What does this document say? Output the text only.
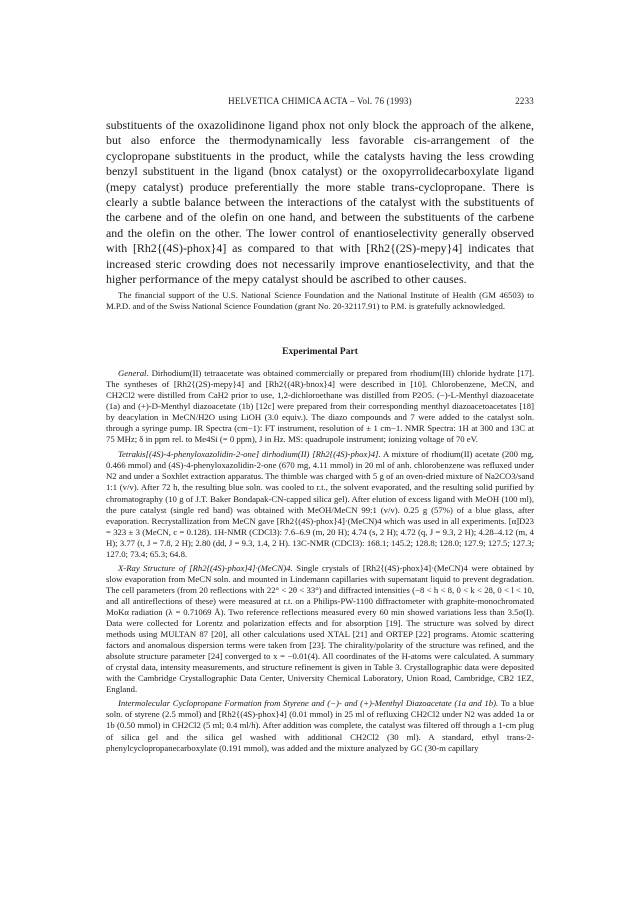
HELVETICA CHIMICA ACTA – Vol. 76 (1993)	2233

substituents of the oxazolidinone ligand phox not only block the approach of the alkene, but also enforce the thermodynamically less favorable cis-arrangement of the cyclopropane substituents in the product, while the catalysts having the less crowding benzyl substituent in the ligand (bnox catalyst) or the oxopyrrolidecarboxylate ligand (mepy catalyst) produce preferentially the more stable trans-cyclopropane. There is clearly a subtle balance between the interactions of the catalyst with the substituents of the carbene and of the olefin on one hand, and between the substituents of the carbene and the olefin on the other. The lower control of enantioselectivity generally observed with [Rh2{(4S)-phox}4] as compared to that with [Rh2{(2S)-mepy}4] indicates that increased steric crowding does not necessarily improve enantioselectivity, and that the higher performance of the mepy catalyst should be ascribed to other causes.

The financial support of the U.S. National Science Foundation and the National Institute of Health (GM 46503) to M.P.D. and of the Swiss National Science Foundation (grant No. 20-32117.91) to P.M. is gratefully acknowledged.

Experimental Part

General. Dirhodium(II) tetraacetate was obtained commercially or prepared from rhodium(III) chloride hydrate [17]. The syntheses of [Rh2{(2S)-mepy}4] and [Rh2{(4R)-bnox}4] were described in [10]. Chlorobenzene, MeCN, and CH2Cl2 were distilled from CaH2 prior to use, 1,2-dichloroethane was distilled from P2O5. (−)-L-Menthyl diazoacetate (1a) and (+)-D-Menthyl diazoacetate (1b) [12c] were prepared from their corresponding menthyl diazoacetoacetates [18] by deacylation in MeCN/H2O using LiOH (3.0 equiv.). The diazo compounds and 7 were added to the catalyst soln. through a syringe pump. IR Spectra (cm−1): FT instrument, resolution of ± 1 cm−1. NMR Spectra: 1H at 300 and 13C at 75 MHz; δ in ppm rel. to Me4Si (= 0 ppm), J in Hz. MS: quadrupole instrument; ionizing voltage of 70 eV.

Tetrakis[(4S)-4-phenyloxazolidin-2-one] dirhodium(II) [Rh2{(4S)-phox}4]. A mixture of rhodium(II) acetate (200 mg, 0.466 mmol) and (4S)-4-phenyloxazolidin-2-one (670 mg, 4.11 mmol) in 20 ml of anh. chlorobenzene was refluxed under N2 and under a Soxhlet extraction apparatus. The thimble was charged with 5 g of an oven-dried mixture of Na2CO3/sand 1:1 (v/v). After 72 h, the resulting blue soln. was cooled to r.t., the solvent evaporated, and the resulting solid purified by chromatography (10 g of J.T. Baker Bondapak-CN-capped silica gel). After elution of excess ligand with MeOH (100 ml), the pure catalyst (single red band) was obtained with MeOH/MeCN 99:1 (v/v). 0.25 g (57%) of a blue glass, after evaporation. Recrystallization from MeCN gave [Rh2{(4S)-phox}4]·(MeCN)4 which was used in all experiments. [α]D23 = 323 ± 3 (MeCN, c = 0.128). 1H-NMR (CDCl3): 7.6–6.9 (m, 20 H); 4.74 (s, 2 H); 4.72 (q, J = 9.3, 2 H); 4.28–4.12 (m, 4 H); 3.77 (t, J = 7.8, 2 H); 2.80 (dd, J = 9.3, 1.4, 2 H). 13C-NMR (CDCl3): 168.1; 145.2; 128.8; 128.0; 127.9; 127.5; 127.3; 127.0; 73.4; 65.3; 64.8.

X-Ray Structure of [Rh2{(4S)-phox}4]·(MeCN)4. Single crystals of [Rh2{(4S)-phox}4]·(MeCN)4 were obtained by slow evaporation from MeCN soln. and mounted in Lindemann capillaries with supernatant liquid to prevent degradation. The cell parameters (from 20 reflections with 22° < 2θ < 33°) and diffracted intensities (−8 < h < 8, 0 < k < 28, 0 < l < 10, and all antireflections of these) were measured at r.t. on a Philips-PW-1100 diffractometer with graphite-monochromated MoKα radiation (λ = 0.71069 Å). Two reference reflections measured every 60 min showed variations less than 3.5σ(I). Data were collected for Lorentz and polarization effects and for absorption [19]. The structure was solved by direct methods using MULTAN 87 [20], all other calculations used XTAL [21] and ORTEP [22] programs. Atomic scattering factors and anomalous dispersion terms were taken from [23]. The chirality/polarity of the structure was refined, and the absolute structure parameter [24] converged to x = −0.01(4). All coordinates of the H-atoms were calculated. A summary of crystal data, intensity measurements, and structure refinement is given in Table 3. Crystallographic data were deposited with the Cambridge Crystallographic Data Center, University Chemical Laboratory, Union Road, Cambridge, CB2 1EZ, England.

Intermolecular Cyclopropane Formation from Styrene and (−)- and (+)-Menthyl Diazoacetate (1a and 1b). To a blue soln. of styrene (2.5 mmol) and [Rh2{(4S)-phox}4] (0.01 mmol) in 25 ml of refluxing CH2Cl2 under N2 was added 1a or 1b (0.50 mmol) in CH2Cl2 (5 ml; 0.4 ml/h). After addition was complete, the catalyst was filtered off through a 1-cm plug of silica gel and the silica gel washed with additional CH2Cl2 (30 ml). A standard, ethyl trans-2-phenylcyclopropanecarboxylate (0.191 mmol), was added and the mixture analyzed by GC (30-m capillary
